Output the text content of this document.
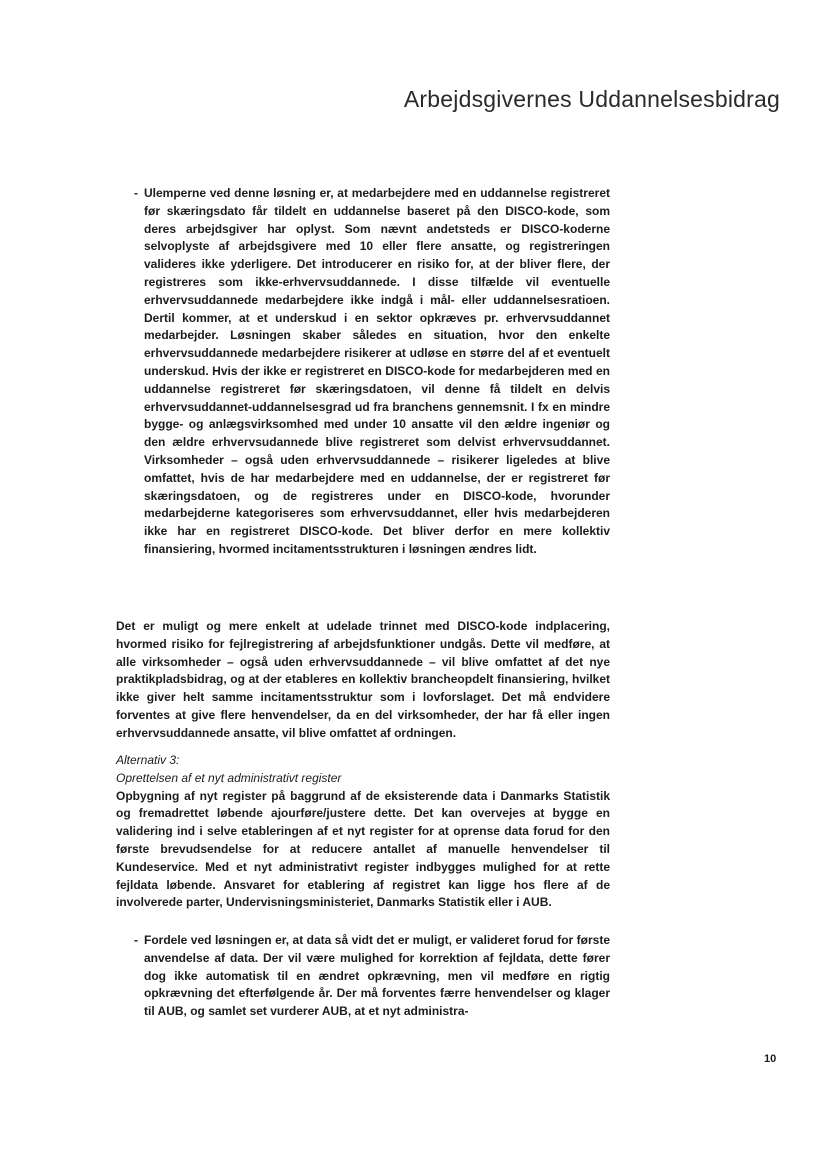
Arbejdsgivernes Uddannelsesbidrag
- Ulemperne ved denne løsning er, at medarbejdere med en uddannelse registreret før skæringsdato får tildelt en uddannelse baseret på den DISCO-kode, som deres arbejdsgiver har oplyst. Som nævnt andetsteds er DISCO-koderne selvoplyste af arbejdsgivere med 10 eller flere ansatte, og registreringen valideres ikke yderligere. Det introducerer en risiko for, at der bliver flere, der registreres som ikke-erhvervsuddannede. I disse tilfælde vil eventuelle erhvervsuddannede medarbejdere ikke indgå i mål- eller uddannelsesratioen. Dertil kommer, at et underskud i en sektor opkræves pr. erhvervsuddannet medarbejder. Løsningen skaber således en situation, hvor den enkelte erhvervsuddannede medarbejdere risikerer at udløse en større del af et eventuelt underskud. Hvis der ikke er registreret en DISCO-kode for medarbejderen med en uddannelse registreret før skæringsdatoen, vil denne få tildelt en delvis erhvervsuddannet-uddannelsesgrad ud fra branchens gennemsnit. I fx en mindre bygge- og anlægsvirksomhed med under 10 ansatte vil den ældre ingeniør og den ældre erhvervsudannede blive registreret som delvist erhvervsuddannet. Virksomheder – også uden erhvervsuddannede – risikerer ligeledes at blive omfattet, hvis de har medarbejdere med en uddannelse, der er registreret før skæringsdatoen, og de registreres under en DISCO-kode, hvorunder medarbejderne kategoriseres som erhvervsuddannet, eller hvis medarbejderen ikke har en registreret DISCO-kode. Det bliver derfor en mere kollektiv finansiering, hvormed incitamentsstrukturen i løsningen ændres lidt.
Det er muligt og mere enkelt at udelade trinnet med DISCO-kode indplacering, hvormed risiko for fejlregistrering af arbejdsfunktioner undgås. Dette vil medføre, at alle virksomheder – også uden erhvervsuddannede – vil blive omfattet af det nye praktikpladsbidrag, og at der etableres en kollektiv brancheopdelt finansiering, hvilket ikke giver helt samme incitamentsstruktur som i lovforslaget. Det må endvidere forventes at give flere henvendelser, da en del virksomheder, der har få eller ingen erhvervsuddannede ansatte, vil blive omfattet af ordningen.
Alternativ 3:
Oprettelsen af et nyt administrativt register
Opbygning af nyt register på baggrund af de eksisterende data i Danmarks Statistik og fremadrettet løbende ajourføre/justere dette. Det kan overvejes at bygge en validering ind i selve etableringen af et nyt register for at oprense data forud for den første brevudsendelse for at reducere antallet af manuelle henvendelser til Kundeservice. Med et nyt administrativt register indbygges mulighed for at rette fejldata løbende. Ansvaret for etablering af registret kan ligge hos flere af de involverede parter, Undervisningsministeriet, Danmarks Statistik eller i AUB.
- Fordele ved løsningen er, at data så vidt det er muligt, er valideret forud for første anvendelse af data. Der vil være mulighed for korrektion af fejldata, dette fører dog ikke automatisk til en ændret opkrævning, men vil medføre en rigtig opkrævning det efterfølgende år. Der må forventes færre henvendelser og klager til AUB, og samlet set vurderer AUB, at et nyt administra-
10
